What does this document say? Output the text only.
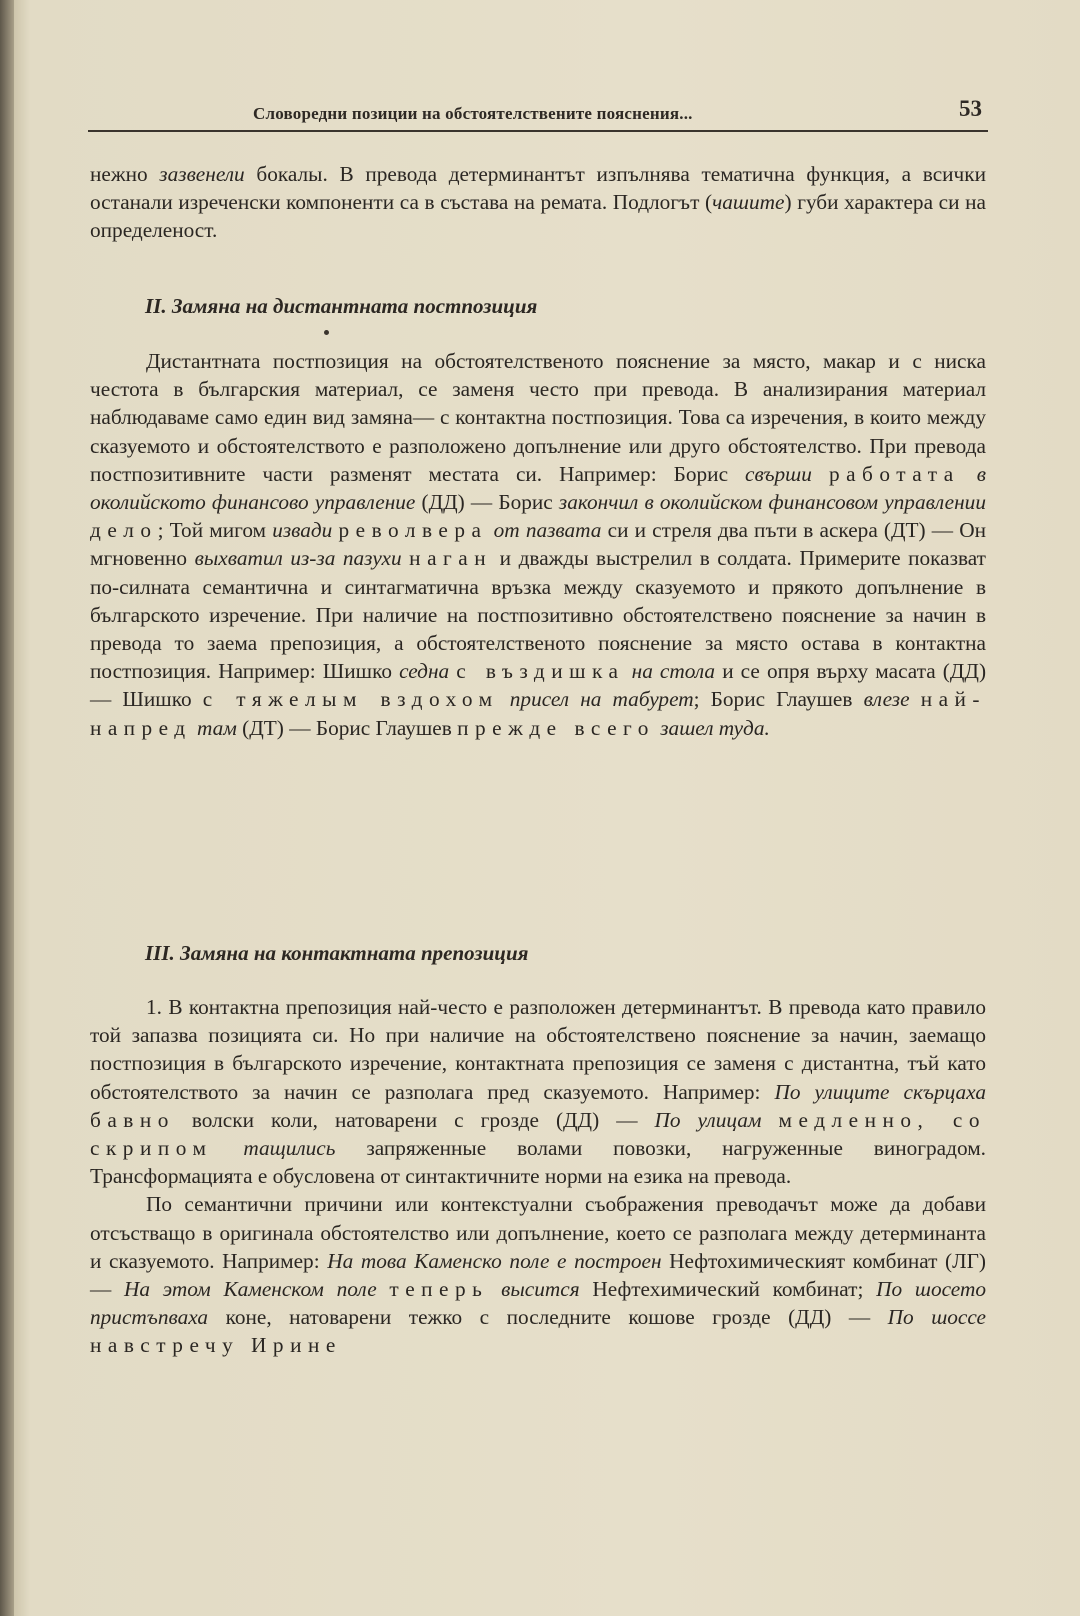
Словоредни позиции на обстоятелствените пояснения...	53

нежно зазвенели бокалы. В превода детерминантът изпълнява тематична функция, а всички останали изреченски компоненти са в състава на ремата. Подлогът (чашите) губи характера си на определеност.

II. Замяна на дистантната постпозиция

Дистантната постпозиция на обстоятелственото пояснение за място, макар и с ниска честота в българския материал, се заменя често при превода. В анализирания материал наблюдаваме само един вид замяна— с контактна постпозиция. Това са изречения, в които между сказуемото и обстоятелството е разположено допълнение или друго обстоятелство. При превода постпозитивните части разменят местата си. Например: Борис свърши работата в околийското финансово управление (ДД) — Борис закончил в околийском финансовом управлении дело; Той мигом извади револвера от пазвата си и стреля два пъти в аскера (ДТ) — Он мгновенно выхватил из-за пазухи наган и дважды выстрелил в солдата. Примерите показват по-силната семантична и синтагматична връзка между сказуемото и прякото допълнение в българското изречение. При наличие на постпозитивно обстоятелствено пояснение за начин в превода то заема препозиция, а обстоятелственото пояснение за място остава в контактна постпозиция. Например: Шишко седна с въздишка на стола и се опря върху масата (ДД) — Шишко с тяжелым вздохом присел на табурет; Борис Глаушев влезе най-напред там (ДТ) — Борис Глаушев прежде всего зашел туда.

III. Замяна на контактната препозиция

1. В контактна препозиция най-често е разположен детерминантът. В превода като правило той запазва позицията си. Но при наличие на обстоятелствено пояснение за начин, заемащо постпозиция в българското изречение, контактната препозиция се заменя с дистантна, тъй като обстоятелството за начин се разполага пред сказуемото. Например: По улиците скърцаха бавно волски коли, натоварени с грозде (ДД) — По улицам медленно, со скрипом тащились запряженные волами повозки, нагруженные виноградом. Трансформацията е обусловена от синтактичните норми на езика на превода.

По семантични причини или контекстуални съображения преводачът може да добави отсъстващо в оригинала обстоятелство или допълнение, което се разполага между детерминанта и сказуемото. Например: На това Каменско поле е построен Нефтохимическият комбинат (ЛГ) — На этом Каменском поле теперь высится Нефтехимический комбинат; По шосето пристъпваха коне, натоварени тежко с последните кошове грозде (ДД) — По шоссе навстречу Ирине
